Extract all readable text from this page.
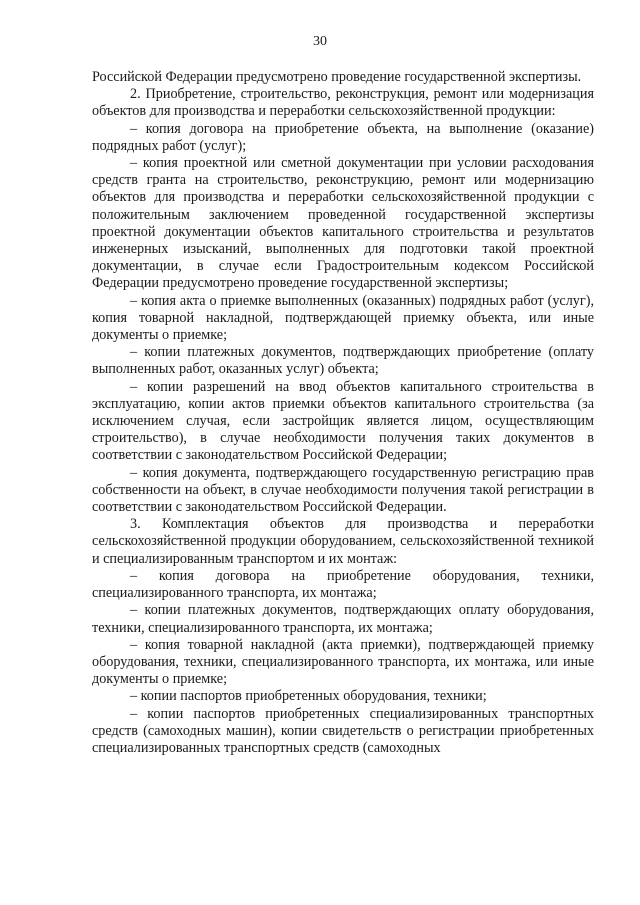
30

Российской Федерации предусмотрено проведение государственной экспертизы.

2. Приобретение, строительство, реконструкция, ремонт или модернизация объектов для производства и переработки сельскохозяйственной продукции:

– копия договора на приобретение объекта, на выполнение (оказание) подрядных работ (услуг);

– копия проектной или сметной документации при условии расходования средств гранта на строительство, реконструкцию, ремонт или модернизацию объектов для производства и переработки сельскохозяйственной продукции с положительным заключением проведенной государственной экспертизы проектной документации объектов капитального строительства и результатов инженерных изысканий, выполненных для подготовки такой проектной документации, в случае если Градостроительным кодексом Российской Федерации предусмотрено проведение государственной экспертизы;

– копия акта о приемке выполненных (оказанных) подрядных работ (услуг), копия товарной накладной, подтверждающей приемку объекта, или иные документы о приемке;

– копии платежных документов, подтверждающих приобретение (оплату выполненных работ, оказанных услуг) объекта;

– копии разрешений на ввод объектов капитального строительства в эксплуатацию, копии актов приемки объектов капитального строительства (за исключением случая, если застройщик является лицом, осуществляющим строительство), в случае необходимости получения таких документов в соответствии с законодательством Российской Федерации;

– копия документа, подтверждающего государственную регистрацию прав собственности на объект, в случае необходимости получения такой регистрации в соответствии с законодательством Российской Федерации.

3. Комплектация объектов для производства и переработки сельскохозяйственной продукции оборудованием, сельскохозяйственной техникой и специализированным транспортом и их монтаж:

– копия договора на приобретение оборудования, техники, специализированного транспорта, их монтажа;

– копии платежных документов, подтверждающих оплату оборудования, техники, специализированного транспорта, их монтажа;

– копия товарной накладной (акта приемки), подтверждающей приемку оборудования, техники, специализированного транспорта, их монтажа, или иные документы о приемке;

– копии паспортов приобретенных оборудования, техники;

– копии паспортов приобретенных специализированных транспортных средств (самоходных машин), копии свидетельств о регистрации приобретенных специализированных транспортных средств (самоходных
